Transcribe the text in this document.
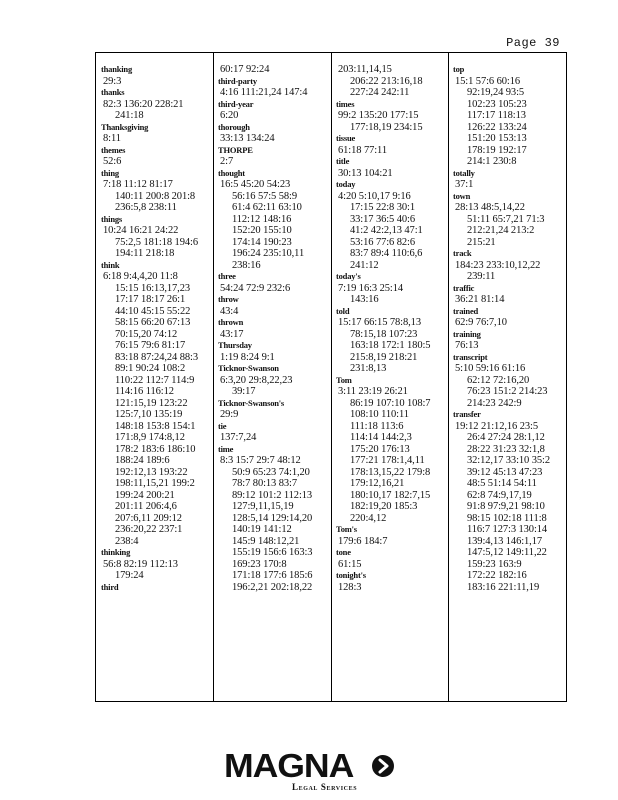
Page 39
thanking
29:3
thanks
82:3 136:20 228:21
241:18
Thanksgiving
8:11
themes
52:6
thing
7:18 11:12 81:17
140:11 200:8 201:8
236:5,8 238:11
things
10:24 16:21 24:22
75:2,5 181:18 194:6
194:11 218:18
think
6:18 9:4,4,20 11:8
15:15 16:13,17,23
17:17 18:17 26:1
44:10 45:15 55:22
58:15 66:20 67:13
70:15,20 74:12
76:15 79:6 81:17
83:18 87:24,24 88:3
89:1 90:24 108:2
110:22 112:7 114:9
114:16 116:12
121:15,19 123:22
125:7,10 135:19
148:18 153:8 154:1
171:8,9 174:8,12
178:2 183:6 186:10
188:24 189:6
192:12,13 193:22
198:11,15,21 199:2
199:24 200:21
201:11 206:4,6
207:6,11 209:12
236:20,22 237:1
238:4
thinking
56:8 82:19 112:13
179:24
third
60:17 92:24
third-party
4:16 111:21,24 147:4
third-year
6:20
thorough
33:13 134:24
THORPE
2:7
thought
16:5 45:20 54:23
56:16 57:5 58:9
61:4 62:11 63:10
112:12 148:16
152:20 155:10
174:14 190:23
196:24 235:10,11
238:16
three
54:24 72:9 232:6
throw
43:4
thrown
43:17
Thursday
1:19 8:24 9:1
Ticknor-Swanson
6:3,20 29:8,22,23
39:17
Ticknor-Swanson's
29:9
tie
137:7,24
time
8:3 15:7 29:7 48:12
50:9 65:23 74:1,20
78:7 80:13 83:7
89:12 101:2 112:13
127:9,11,15,19
128:5,14 129:14,20
140:19 141:12
145:9 148:12,21
155:19 156:6 163:3
169:23 170:8
171:18 177:6 185:6
196:2,21 202:18,22
203:11,14,15
206:22 213:16,18
227:24 242:11
times
99:2 135:20 177:15
177:18,19 234:15
tissue
61:18 77:11
title
30:13 104:21
today
4:20 5:10,17 9:16
17:15 22:8 30:1
33:17 36:5 40:6
41:2 42:2,13 47:1
53:16 77:6 82:6
83:7 89:4 110:6,6
241:12
today's
7:19 16:3 25:14
143:16
told
15:17 66:15 78:8,13
78:15,18 107:23
163:18 172:1 180:5
215:8,19 218:21
231:8,13
Tom
3:11 23:19 26:21
86:19 107:10 108:7
108:10 110:11
111:18 113:6
114:14 144:2,3
175:20 176:13
177:21 178:1,4,11
178:13,15,22 179:8
179:12,16,21
180:10,17 182:7,15
182:19,20 185:3
220:4,12
Tom's
179:6 184:7
tone
61:15
tonight's
128:3
top
15:1 57:6 60:16
92:19,24 93:5
102:23 105:23
117:17 118:13
126:22 133:24
151:20 153:13
178:19 192:17
214:1 230:8
totally
37:1
town
28:13 48:5,14,22
51:11 65:7,21 71:3
212:21,24 213:2
215:21
track
184:23 233:10,12,22
239:11
traffic
36:21 81:14
trained
62:9 76:7,10
training
76:13
transcript
5:10 59:16 61:16
62:12 72:16,20
76:23 151:2 214:23
214:23 242:9
transfer
19:12 21:12,16 23:5
26:4 27:24 28:1,12
28:22 31:23 32:1,8
32:12,17 33:10 35:2
39:12 45:13 47:23
48:5 51:14 54:11
62:8 74:9,17,19
91:8 97:9,21 98:10
98:15 102:18 111:8
116:7 127:3 130:14
139:4,13 146:1,17
147:5,12 149:11,22
159:23 163:9
172:22 182:16
183:16 221:11,19
MAGNA
Legal Services
